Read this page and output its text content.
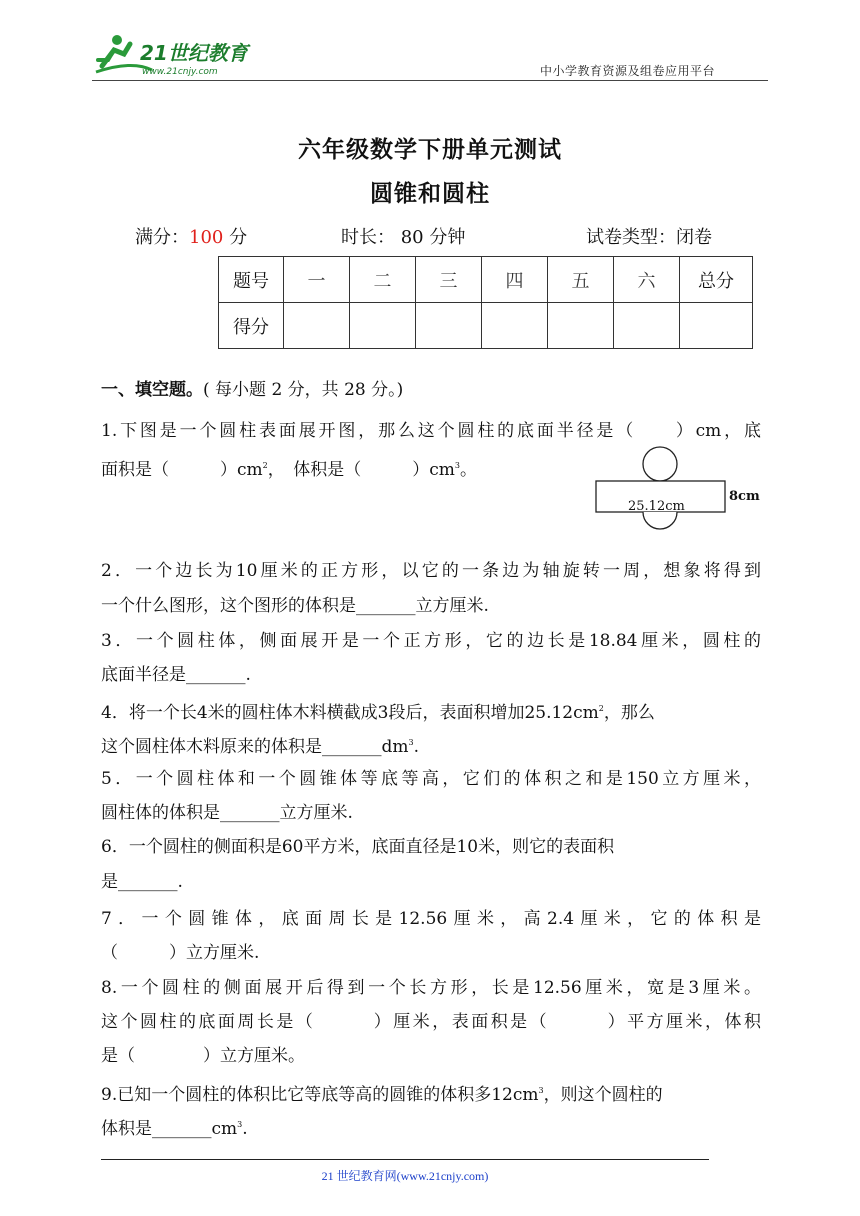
21世纪教育
www.21cnjy.com	中小学教育资源及组卷应用平台
六年级数学下册单元测试
圆锥和圆柱
满分：100 分	时长： 80 分钟	试卷类型：闭卷
题号	一	二	三	四	五	六	总分
得分							
一、填空题。( 每小题 2 分，共 28 分。)
1.下图是一个圆柱表面展开图，那么这个圆柱的底面半径是（　　）cm，底
面积是（　　　）$cm^2$，　体积是（　　　）$cm^3$。
25.12cm
8cm
2．一个边长为10厘米的正方形，以它的一条边为轴旋转一周，想象将得到
一个什么图形，这个图形的体积是_______立方厘米.
3．一个圆柱体，侧面展开是一个正方形，它的边长是18.84厘米，圆柱的
底面半径是_______.
4．将一个长4米的圆柱体木料横截成3段后，表面积增加$25.12cm^2$，那么
这个圆柱体木料原来的体积是$\_\_\_\_\_\_\_dm^3$.
5．一个圆柱体和一个圆锥体等底等高，它们的体积之和是150立方厘米，
圆柱体的体积是_______立方厘米.
6．一个圆柱的侧面积是60平方米，底面直径是10米，则它的表面积
是_______.
7．一个圆锥体，底面周长是12.56厘米，高2.4厘米，它的体积是
（　　　）立方厘米.
8.一个圆柱的侧面展开后得到一个长方形，长是12.56厘米，宽是3厘米。
这个圆柱的底面周长是（　　　）厘米，表面积是（　　　）平方厘米，体积
是（　　　　）立方厘米。
9.已知一个圆柱的体积比它等底等高的圆锥的体积多$12cm^3$，则这个圆柱的
体积是$\_\_\_\_\_\_\_cm^3$.
21 世纪教育网(www.21cnjy.com)
